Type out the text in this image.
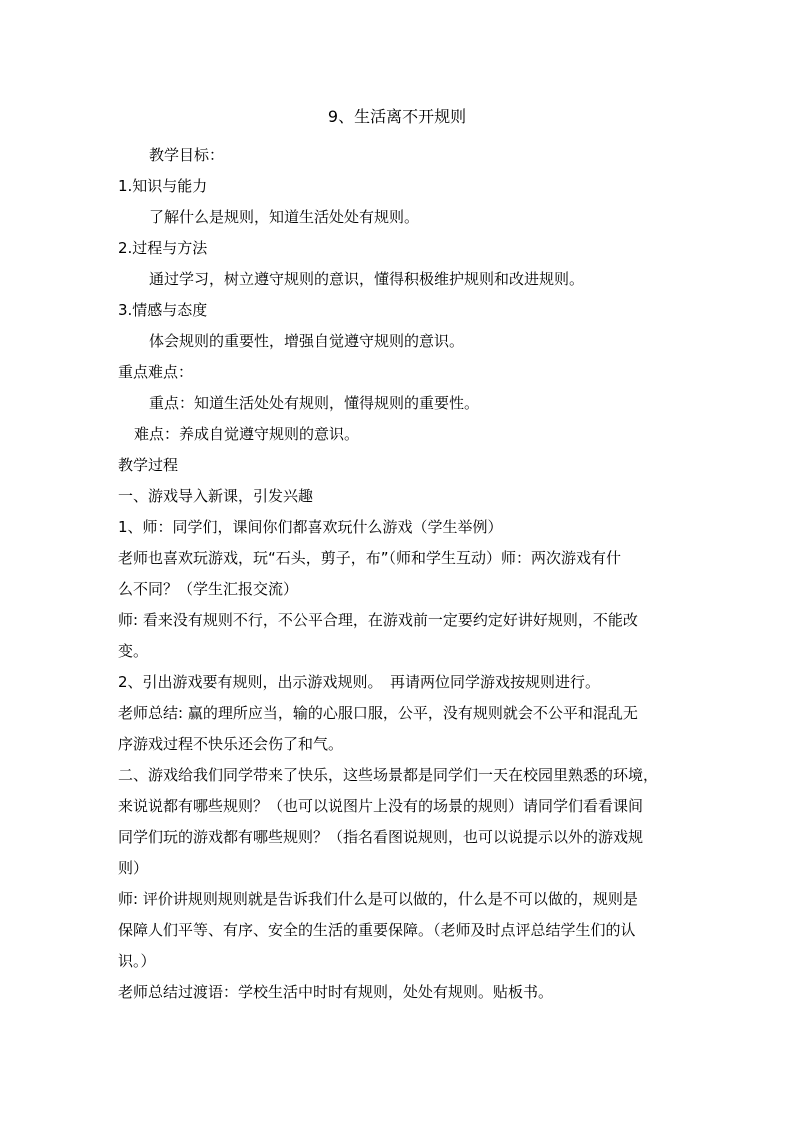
9、生活离不开规则
教学目标：
1.知识与能力
了解什么是规则，知道生活处处有规则。
2.过程与方法
通过学习，树立遵守规则的意识，懂得积极维护规则和改进规则。
3.情感与态度
体会规则的重要性，增强自觉遵守规则的意识。
重点难点：
重点：知道生活处处有规则，懂得规则的重要性。
难点：养成自觉遵守规则的意识。
教学过程
一、游戏导入新课，引发兴趣
1、师：同学们，课间你们都喜欢玩什么游戏（学生举例）
老师也喜欢玩游戏，玩“石头，剪子，布”（师和学生互动）师：两次游戏有什
么不同？（学生汇报交流）
师: 看来没有规则不行，不公平合理，在游戏前一定要约定好讲好规则，不能改
变。
2、引出游戏要有规则，出示游戏规则。　再请两位同学游戏按规则进行。
老师总结: 赢的理所应当，输的心服口服，公平，没有规则就会不公平和混乱无
序游戏过程不快乐还会伤了和气。
二、游戏给我们同学带来了快乐，这些场景都是同学们一天在校园里熟悉的环境，
来说说都有哪些规则？（也可以说图片上没有的场景的规则）请同学们看看课间
同学们玩的游戏都有哪些规则？（指名看图说规则，也可以说提示以外的游戏规
则）
师: 评价讲规则规则就是告诉我们什么是可以做的，什么是不可以做的，规则是
保障人们平等、有序、安全的生活的重要保障。（老师及时点评总结学生们的认
识。）
老师总结过渡语：学校生活中时时有规则，处处有规则。贴板书。
